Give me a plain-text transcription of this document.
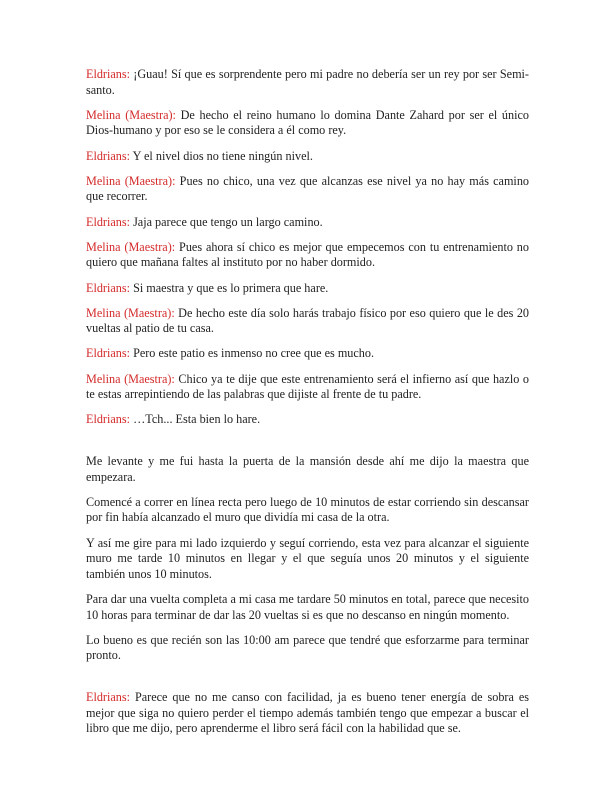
Eldrians: ¡Guau! Sí que es sorprendente pero mi padre no debería ser un rey por ser Semi-santo.

Melina (Maestra): De hecho el reino humano lo domina Dante Zahard por ser el único Dios-humano y por eso se le considera a él como rey.

Eldrians: Y el nivel dios no tiene ningún nivel.

Melina (Maestra): Pues no chico, una vez que alcanzas ese nivel ya no hay más camino que recorrer.

Eldrians: Jaja parece que tengo un largo camino.

Melina (Maestra): Pues ahora sí chico es mejor que empecemos con tu entrenamiento no quiero que mañana faltes al instituto por no haber dormido.

Eldrians: Si maestra y que es lo primera que hare.

Melina (Maestra): De hecho este día solo harás trabajo físico por eso quiero que le des 20 vueltas al patio de tu casa.

Eldrians: Pero este patio es inmenso no cree que es mucho.

Melina (Maestra): Chico ya te dije que este entrenamiento será el infierno así que hazlo o te estas arrepintiendo de las palabras que dijiste al frente de tu padre.

Eldrians: …Tch... Esta bien lo hare.

Me levante y me fui hasta la puerta de la mansión desde ahí me dijo la maestra que empezara.

Comencé a correr en línea recta pero luego de 10 minutos de estar corriendo sin descansar por fin había alcanzado el muro que dividía mi casa de la otra.

Y así me gire para mi lado izquierdo y seguí corriendo, esta vez para alcanzar el siguiente muro me tarde 10 minutos en llegar y el que seguía unos 20 minutos y el siguiente también unos 10 minutos.

Para dar una vuelta completa a mi casa me tardare 50 minutos en total, parece que necesito 10 horas para terminar de dar las 20 vueltas si es que no descanso en ningún momento.

Lo bueno es que recién son las 10:00 am parece que tendré que esforzarme para terminar pronto.

Eldrians: Parece que no me canso con facilidad, ja es bueno tener energía de sobra es mejor que siga no quiero perder el tiempo además también tengo que empezar a buscar el libro que me dijo, pero aprenderme el libro será fácil con la habilidad que se.
